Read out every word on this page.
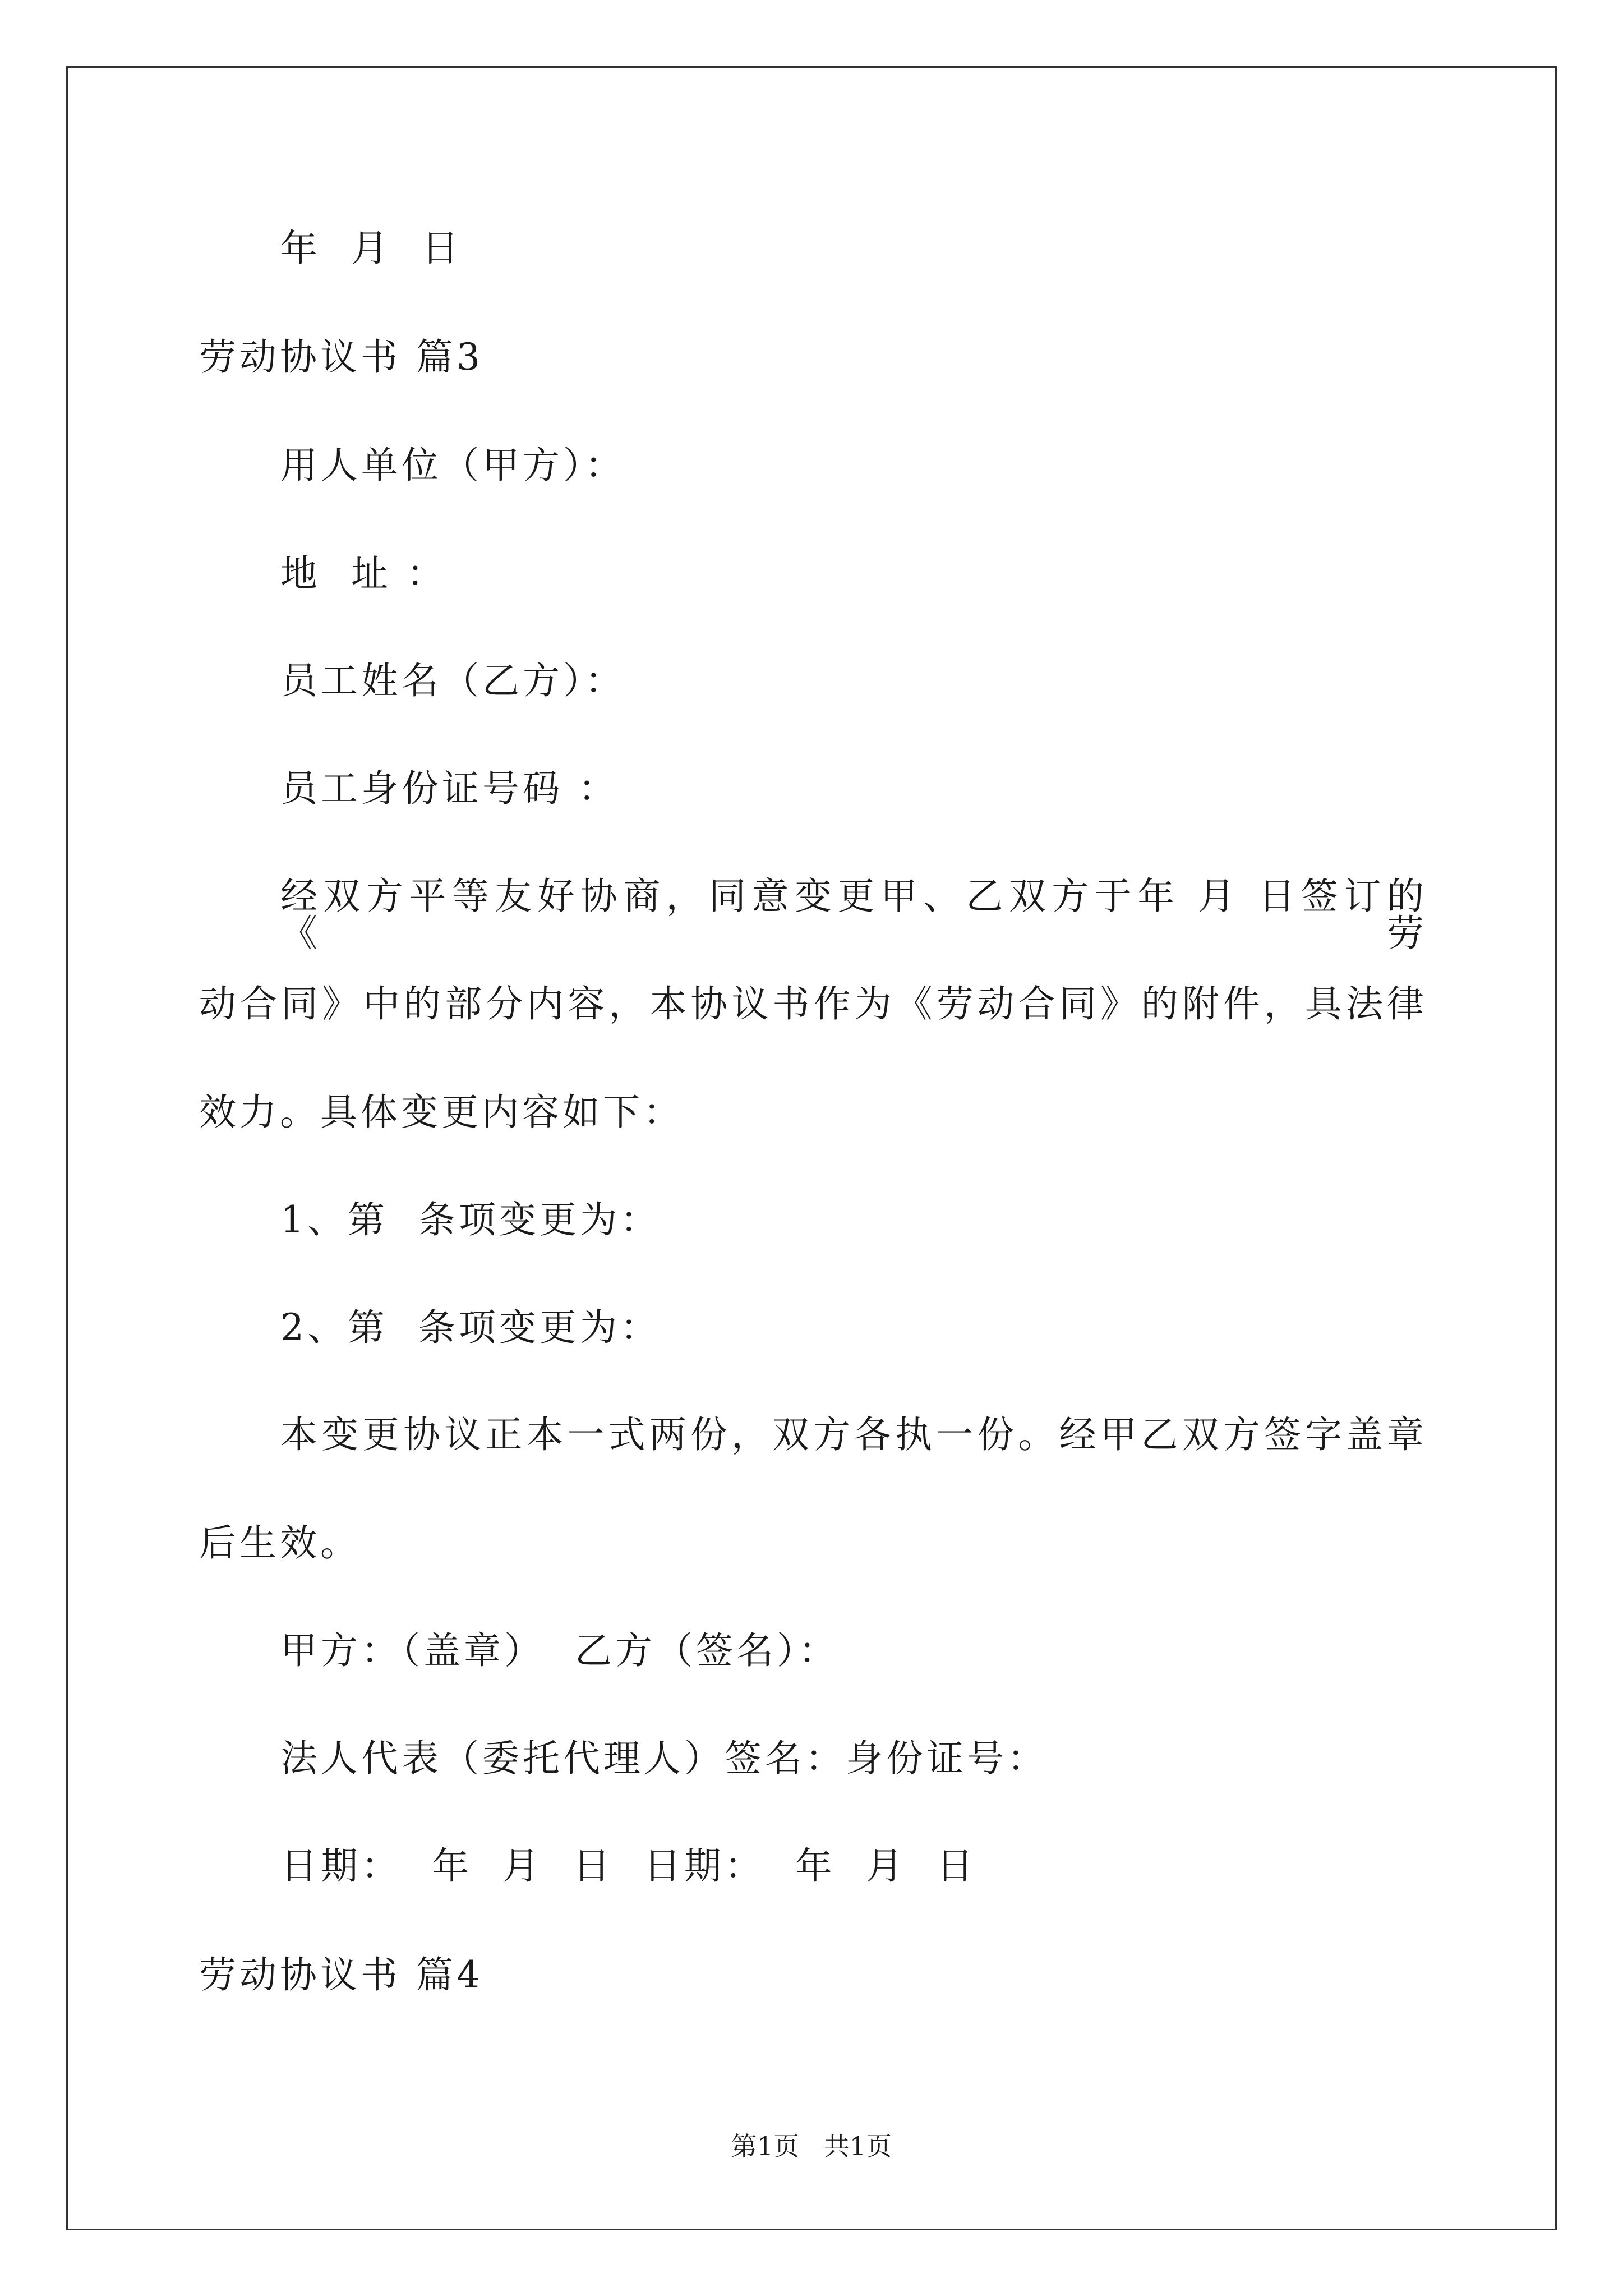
年  月  日
劳动协议书 篇3
用人单位（甲方）：
地  址 ：
员工姓名（乙方）：
员工身份证号码 ：
经双方平等友好协商，同意变更甲、乙双方于年 月 日签订的《劳
动合同》中的部分内容，本协议书作为《劳动合同》的附件，具法律
效力。具体变更内容如下：
1、第  条项变更为：
2、第  条项变更为：
本变更协议正本一式两份，双方各执一份。经甲乙双方签字盖章
后生效。
甲方：（盖章）  乙方（签名）：
法人代表（委托代理人）签名：身份证号：
日期：  年  月  日  日期：  年  月  日
劳动协议书 篇4
第1页   共1页
